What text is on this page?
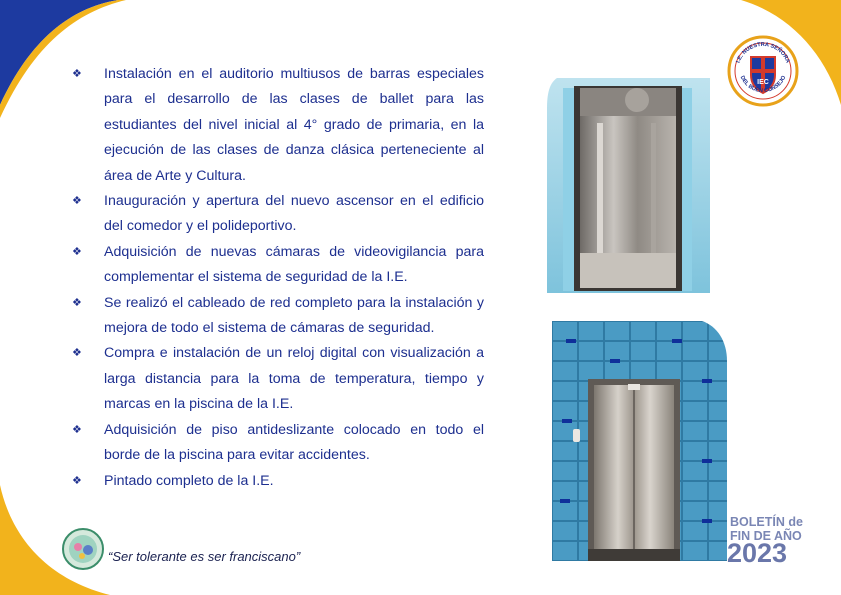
IEC
I.E. NUESTRA SEÑORA
DEL BUEN CONSEJO
❖ Instalación en el auditorio multiusos de barras especiales para el desarrollo de las clases de ballet para las estudiantes del nivel inicial al 4° grado de primaria, en la ejecución de las clases de danza clásica perteneciente al área de Arte y Cultura.
❖ Inauguración y apertura del nuevo ascensor en el edificio del comedor y el polideportivo.
❖ Adquisición de nuevas cámaras de videovigilancia para complementar el sistema de seguridad de la I.E.
❖ Se realizó el cableado de red completo para la instalación y mejora de todo el sistema de cámaras de seguridad.
❖ Compra e instalación de un reloj digital con visualización a larga distancia para la toma de temperatura, tiempo y marcas en la piscina de la I.E.
❖ Adquisición de piso antideslizante colocado en todo el borde de la piscina para evitar accidentes.
❖ Pintado completo de la I.E.
“Ser tolerante es ser franciscano”
BOLETÍN de
FIN DE AÑO
2023
